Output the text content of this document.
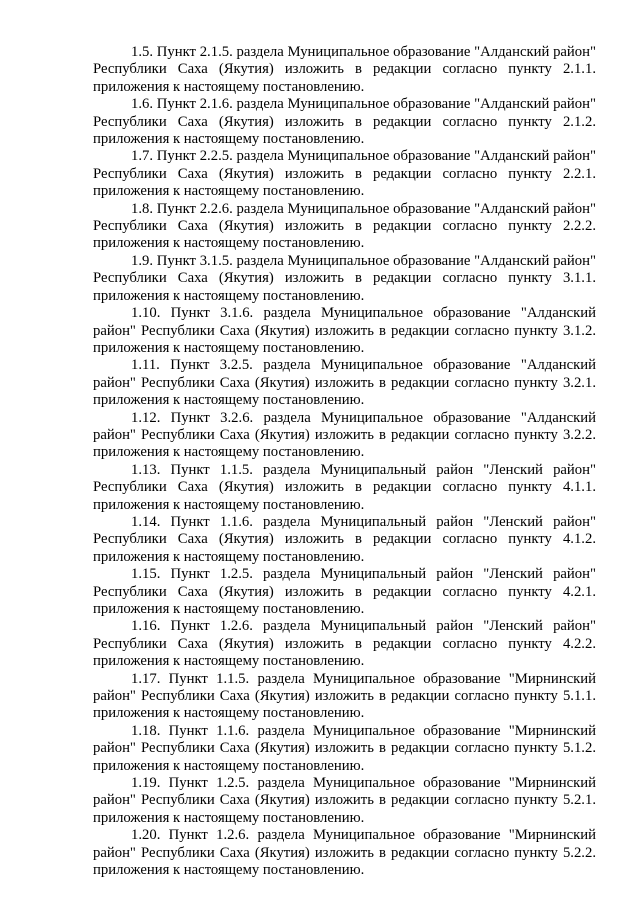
1.5. Пункт 2.1.5. раздела Муниципальное образование "Алданский район" Республики Саха (Якутия) изложить в редакции согласно пункту 2.1.1. приложения к настоящему постановлению.

1.6. Пункт 2.1.6. раздела Муниципальное образование "Алданский район" Республики Саха (Якутия) изложить в редакции согласно пункту 2.1.2. приложения к настоящему постановлению.

1.7. Пункт 2.2.5. раздела Муниципальное образование "Алданский район" Республики Саха (Якутия) изложить в редакции согласно пункту 2.2.1. приложения к настоящему постановлению.

1.8. Пункт 2.2.6. раздела Муниципальное образование "Алданский район" Республики Саха (Якутия) изложить в редакции согласно пункту 2.2.2. приложения к настоящему постановлению.

1.9. Пункт 3.1.5. раздела Муниципальное образование "Алданский район" Республики Саха (Якутия) изложить в редакции согласно пункту 3.1.1. приложения к настоящему постановлению.

1.10. Пункт 3.1.6. раздела Муниципальное образование "Алданский район" Республики Саха (Якутия) изложить в редакции согласно пункту 3.1.2. приложения к настоящему постановлению.

1.11. Пункт 3.2.5. раздела Муниципальное образование "Алданский район" Республики Саха (Якутия) изложить в редакции согласно пункту 3.2.1. приложения к настоящему постановлению.

1.12. Пункт 3.2.6. раздела Муниципальное образование "Алданский район" Республики Саха (Якутия) изложить в редакции согласно пункту 3.2.2. приложения к настоящему постановлению.

1.13. Пункт 1.1.5. раздела Муниципальный район "Ленский район" Республики Саха (Якутия) изложить в редакции согласно пункту 4.1.1. приложения к настоящему постановлению.

1.14. Пункт 1.1.6. раздела Муниципальный район "Ленский район" Республики Саха (Якутия) изложить в редакции согласно пункту 4.1.2. приложения к настоящему постановлению.

1.15. Пункт 1.2.5. раздела Муниципальный район "Ленский район" Республики Саха (Якутия) изложить в редакции согласно пункту 4.2.1. приложения к настоящему постановлению.

1.16. Пункт 1.2.6. раздела Муниципальный район "Ленский район" Республики Саха (Якутия) изложить в редакции согласно пункту 4.2.2. приложения к настоящему постановлению.

1.17. Пункт 1.1.5. раздела Муниципальное образование "Мирнинский район" Республики Саха (Якутия) изложить в редакции согласно пункту 5.1.1. приложения к настоящему постановлению.

1.18. Пункт 1.1.6. раздела Муниципальное образование "Мирнинский район" Республики Саха (Якутия) изложить в редакции согласно пункту 5.1.2. приложения к настоящему постановлению.

1.19. Пункт 1.2.5. раздела Муниципальное образование "Мирнинский район" Республики Саха (Якутия) изложить в редакции согласно пункту 5.2.1. приложения к настоящему постановлению.

1.20. Пункт 1.2.6. раздела Муниципальное образование "Мирнинский район" Республики Саха (Якутия) изложить в редакции согласно пункту 5.2.2. приложения к настоящему постановлению.
